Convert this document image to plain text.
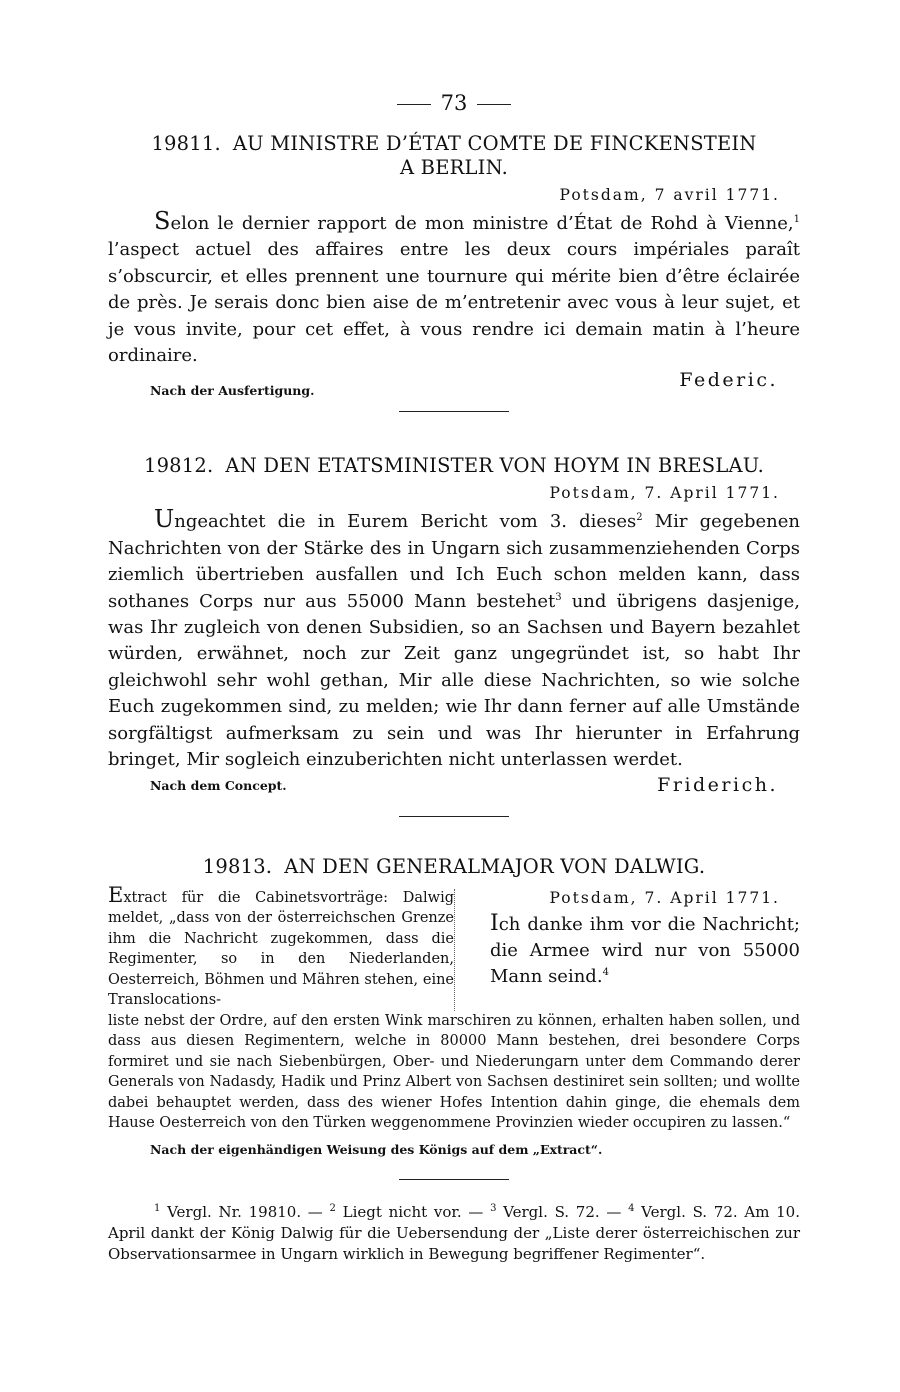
73
19811. AU MINISTRE D’ÉTAT COMTE DE FINCKENSTEIN
A BERLIN.
Potsdam, 7 avril 1771.

Selon le dernier rapport de mon ministre d’État de Rohd à Vienne,$^1$ l’aspect actuel des affaires entre les deux cours impériales paraît s’obscurcir, et elles prennent une tournure qui mérite bien d’être éclairée de près. Je serais donc bien aise de m’entretenir avec vous à leur sujet, et je vous invite, pour cet effet, à vous rendre ici demain matin à l’heure ordinaire.

Nach der Ausfertigung.	Federic.
19812. AN DEN ETATSMINISTER VON HOYM IN BRESLAU.
Potsdam, 7. April 1771.

Ungeachtet die in Eurem Bericht vom 3. dieses$^2$ Mir gegebenen Nachrichten von der Stärke des in Ungarn sich zusammenziehenden Corps ziemlich übertrieben ausfallen und Ich Euch schon melden kann, dass sothanes Corps nur aus 55000 Mann bestehet$^3$ und übrigens dasjenige, was Ihr zugleich von denen Subsidien, so an Sachsen und Bayern bezahlet würden, erwähnet, noch zur Zeit ganz ungegründet ist, so habt Ihr gleichwohl sehr wohl gethan, Mir alle diese Nachrichten, so wie solche Euch zugekommen sind, zu melden; wie Ihr dann ferner auf alle Umstände sorgfältigst aufmerksam zu sein und was Ihr hierunter in Erfahrung bringet, Mir sogleich einzuberichten nicht unterlassen werdet.

Nach dem Concept.	Friderich.
19813. AN DEN GENERALMAJOR VON DALWIG.
Extract für die Cabinetsvorträge: Dalwig meldet, „dass von der österreichschen Grenze ihm die Nachricht zugekommen, dass die Regimenter, so in den Niederlanden, Oesterreich, Böhmen und Mähren stehen, eine Translocations-
Potsdam, 7. April 1771.
Ich danke ihm vor die Nachricht; die Armee wird nur von 55000 Mann seind.$^4$
liste nebst der Ordre, auf den ersten Wink marschiren zu können, erhalten haben sollen, und dass aus diesen Regimentern, welche in 80000 Mann bestehen, drei besondere Corps formiret und sie nach Siebenbürgen, Ober- und Niederungarn unter dem Commando derer Generals von Nadasdy, Hadik und Prinz Albert von Sachsen destiniret sein sollten; und wollte dabei behauptet werden, dass des wiener Hofes Intention dahin ginge, die ehemals dem Hause Oesterreich von den Türken weggenommene Provinzien wieder occupiren zu lassen.“
Nach der eigenhändigen Weisung des Königs auf dem „Extract“.

$^1$ Vergl. Nr. 19810. — $^2$ Liegt nicht vor. — $^3$ Vergl. S. 72. — $^4$ Vergl. S. 72. Am 10. April dankt der König Dalwig für die Uebersendung der „Liste derer österreichischen zur Observationsarmee in Ungarn wirklich in Bewegung begriffener Regimenter“.
